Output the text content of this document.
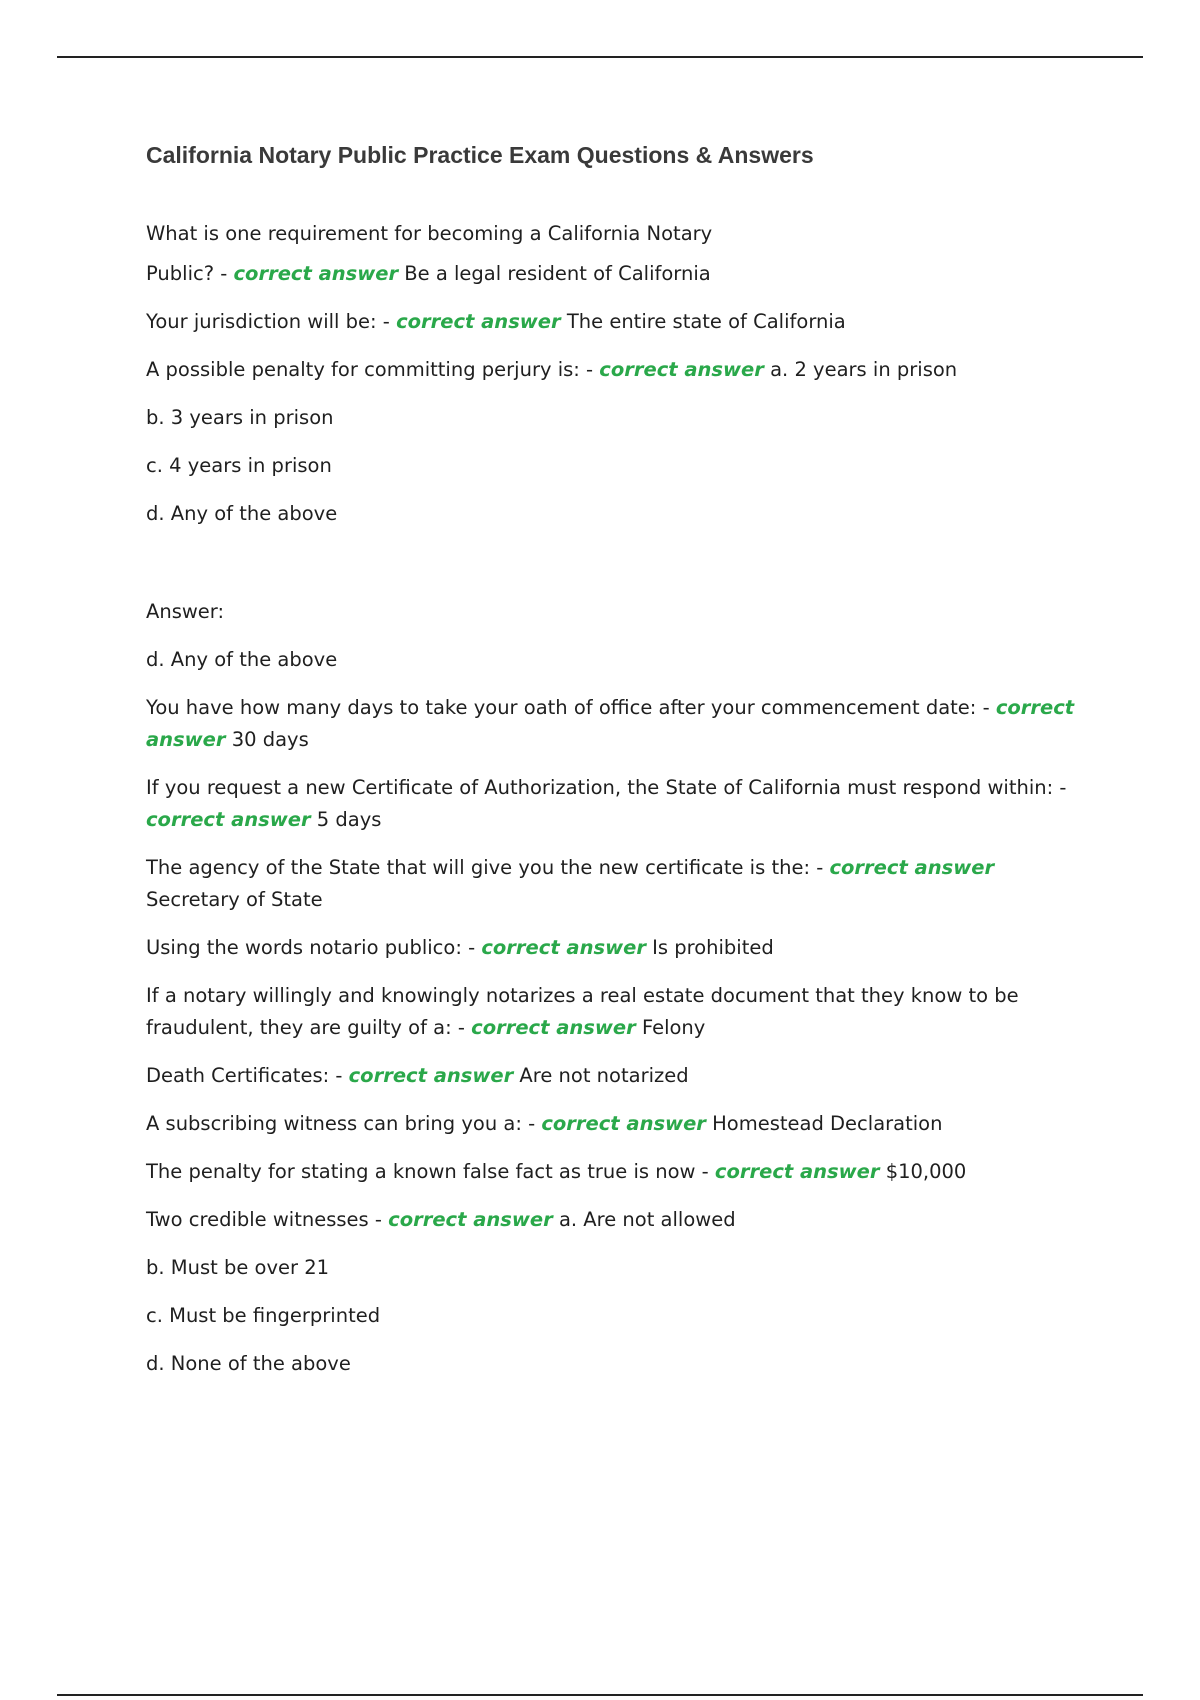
California Notary Public Practice Exam Questions & Answers

What is one requirement for becoming a California Notary

Public? - correct answer Be a legal resident of California

Your jurisdiction will be: - correct answer The entire state of California

A possible penalty for committing perjury is: - correct answer a. 2 years in prison

b. 3 years in prison

c. 4 years in prison

d. Any of the above

Answer:

d. Any of the above

You have how many days to take your oath of office after your commencement date: - correct answer 30 days

If you request a new Certificate of Authorization, the State of California must respond within: - correct answer 5 days

The agency of the State that will give you the new certificate is the: - correct answer Secretary of State

Using the words notario publico: - correct answer Is prohibited

If a notary willingly and knowingly notarizes a real estate document that they know to be fraudulent, they are guilty of a: - correct answer Felony

Death Certificates: - correct answer Are not notarized

A subscribing witness can bring you a: - correct answer Homestead Declaration

The penalty for stating a known false fact as true is now - correct answer $10,000

Two credible witnesses - correct answer a. Are not allowed

b. Must be over 21

c. Must be fingerprinted

d. None of the above
